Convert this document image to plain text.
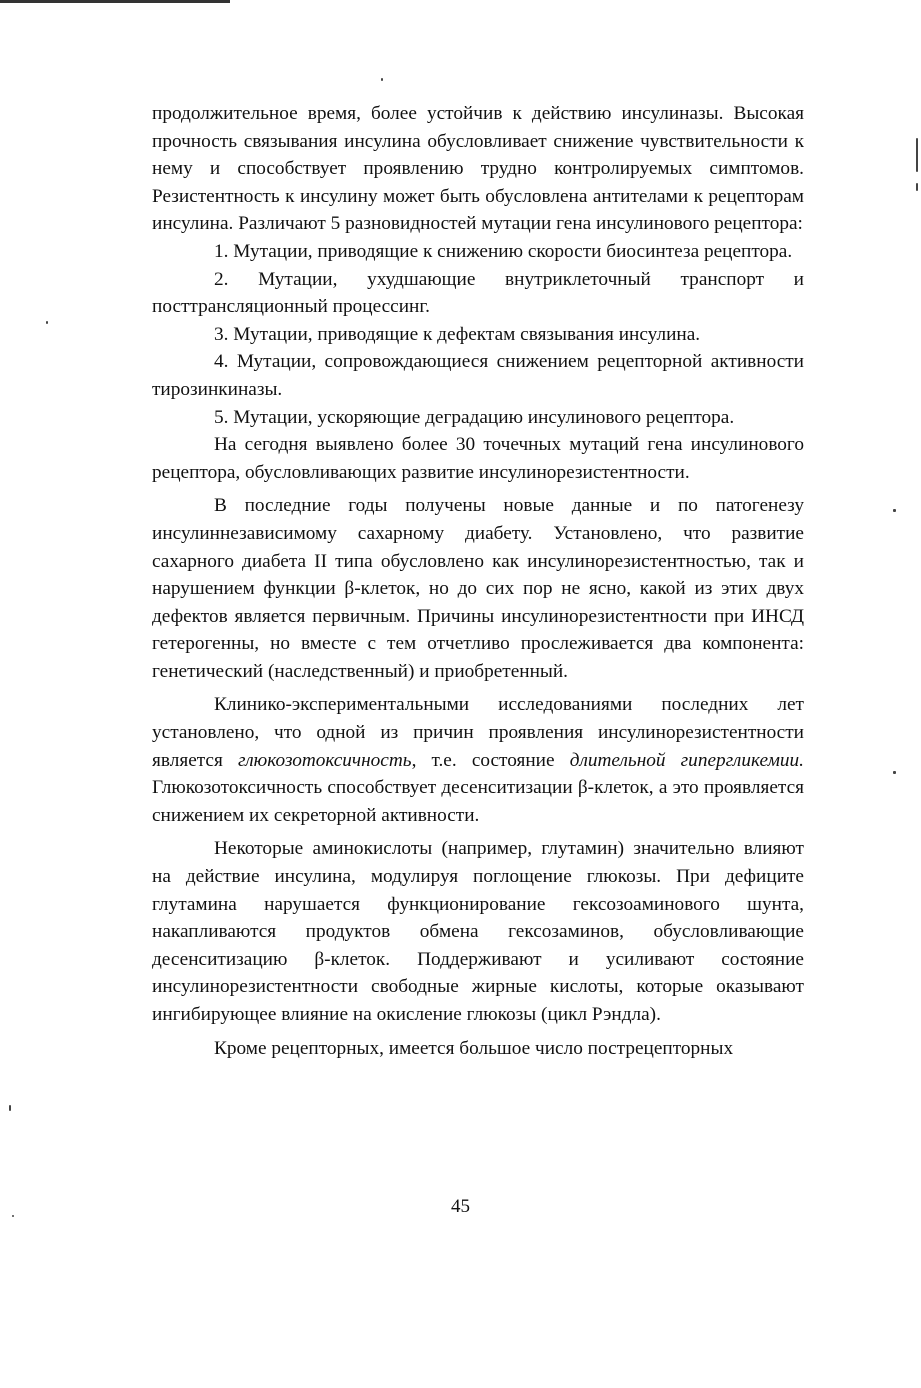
продолжительное время, более устойчив к действию инсулиназы. Высокая прочность связывания инсулина обусловливает снижение чувствительности к нему и способствует проявлению трудно контролируемых симптомов. Резистентность к инсулину может быть обусловлена антителами к рецепторам инсулина. Различают 5 разновидностей мутации гена инсулинового рецептора:

1. Мутации, приводящие к снижению скорости биосинтеза рецептора.

2. Мутации, ухудшающие внутриклеточный транспорт и посттрансляционный процессинг.

3. Мутации, приводящие к дефектам связывания инсулина.

4. Мутации, сопровождающиеся снижением рецепторной активности тирозинкиназы.

5. Мутации, ускоряющие деградацию инсулинового рецептора.

На сегодня выявлено более 30 точечных мутаций гена инсулинового рецептора, обусловливающих развитие инсулинорезистентности.

В последние годы получены новые данные и по патогенезу инсулиннезависимому сахарному диабету. Установлено, что развитие сахарного диабета II типа обусловлено как инсулинорезистентностью, так и нарушением функции β-клеток, но до сих пор не ясно, какой из этих двух дефектов является первичным. Причины инсулинорезистентности при ИНСД гетерогенны, но вместе с тем отчетливо прослеживается два компонента: генетический (наследственный) и приобретенный.

Клинико-экспериментальными исследованиями последних лет установлено, что одной из причин проявления инсулинорезистентности является глюкозотоксичность, т.е. состояние длительной гипергликемии. Глюкозотоксичность способствует десенситизации β-клеток, а это проявляется снижением их секреторной активности.

Некоторые аминокислоты (например, глутамин) значительно влияют на действие инсулина, модулируя поглощение глюкозы. При дефиците глутамина нарушается функционирование гексозоаминового шунта, накапливаются продуктов обмена гексозаминов, обусловливающие десенситизацию β-клеток. Поддерживают и усиливают состояние инсулинорезистентности свободные жирные кислоты, которые оказывают ингибирующее влияние на окисление глюкозы (цикл Рэндла).

Кроме рецепторных, имеется большое число пострецепторных

45
